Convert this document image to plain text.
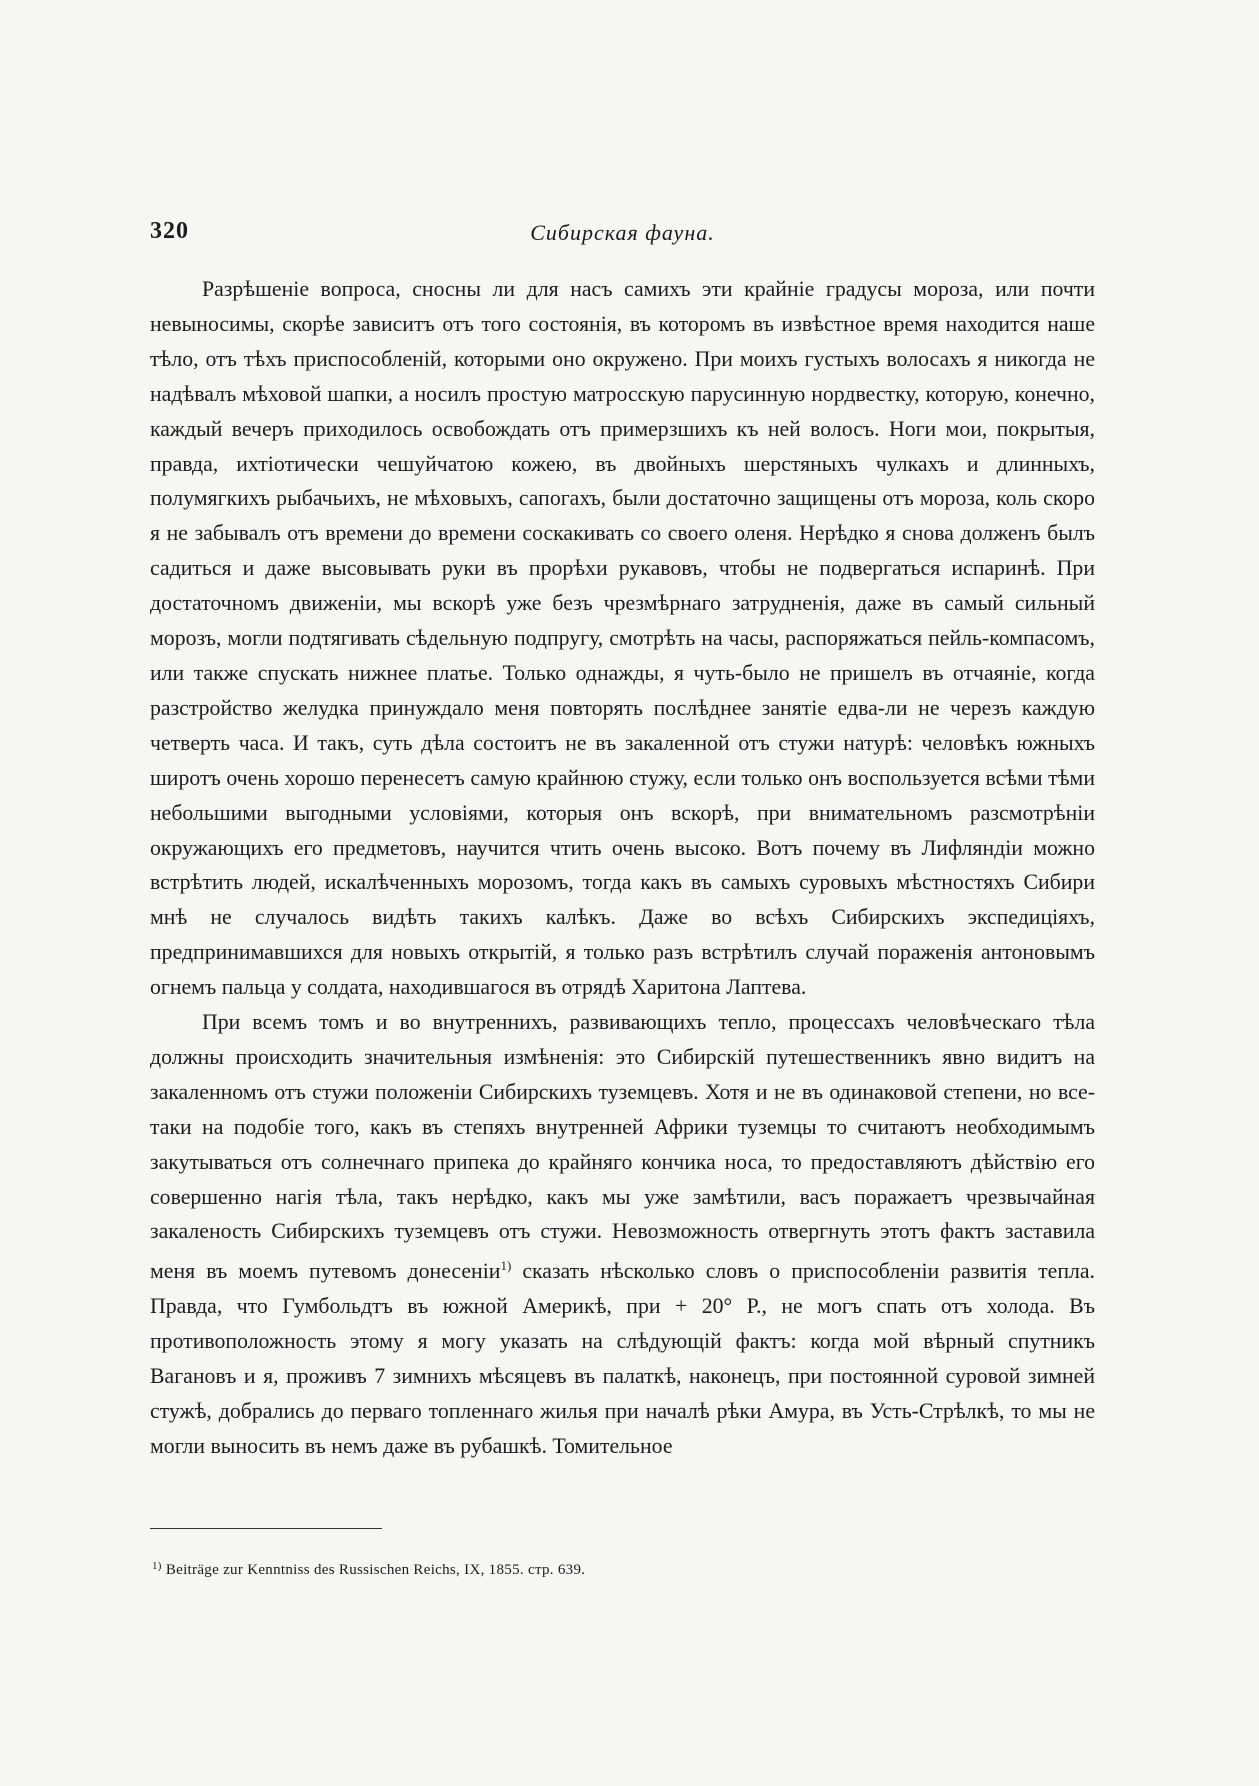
320	Сибирская фауна.

Разрѣшеніе вопроса, сносны ли для насъ самихъ эти крайніе градусы мороза, или почти невыносимы, скорѣе зависитъ отъ того состоянія, въ которомъ въ извѣстное время находится наше тѣло, отъ тѣхъ приспособленій, которыми оно окружено. При моихъ густыхъ волосахъ я никогда не надѣвалъ мѣховой шапки, а носилъ простую матросскую парусинную нордвестку, которую, конечно, каждый вечеръ приходилось освобождать отъ примерзшихъ къ ней волосъ. Ноги мои, покрытыя, правда, ихтіотически чешуйчатою кожею, въ двойныхъ шерстяныхъ чулкахъ и длинныхъ, полумягкихъ рыбачьихъ, не мѣховыхъ, сапогахъ, были достаточно защищены отъ мороза, коль скоро я не забывалъ отъ времени до времени соскакивать со своего оленя. Нерѣдко я снова долженъ былъ садиться и даже высовывать руки въ прорѣхи рукавовъ, чтобы не подвергаться испаринѣ. При достаточномъ движеніи, мы вскорѣ уже безъ чрезмѣрнаго затрудненія, даже въ самый сильный морозъ, могли подтягивать сѣдельную подпругу, смотрѣть на часы, распоряжаться пейль-компасомъ, или также спускать нижнее платье. Только однажды, я чуть-было не пришелъ въ отчаяніе, когда разстройство желудка принуждало меня повторять послѣднее занятіе едва-ли не черезъ каждую четверть часа. И такъ, суть дѣла состоитъ не въ закаленной отъ стужи натурѣ: человѣкъ южныхъ широтъ очень хорошо перенесетъ самую крайнюю стужу, если только онъ воспользуется всѣми тѣми небольшими выгодными условіями, которыя онъ вскорѣ, при внимательномъ разсмотрѣніи окружающихъ его предметовъ, научится чтить очень высоко. Вотъ почему въ Лифляндіи можно встрѣтить людей, искалѣченныхъ морозомъ, тогда какъ въ самыхъ суровыхъ мѣстностяхъ Сибири мнѣ не случалось видѣть такихъ калѣкъ. Даже во всѣхъ Сибирскихъ экспедиціяхъ, предпринимавшихся для новыхъ открытій, я только разъ встрѣтилъ случай пораженія антоновымъ огнемъ пальца у солдата, находившагося въ отрядѣ Харитона Лаптева.

При всемъ томъ и во внутреннихъ, развивающихъ тепло, процессахъ человѣческаго тѣла должны происходить значительныя измѣненія: это Сибирскій путешественникъ явно видитъ на закаленномъ отъ стужи положеніи Сибирскихъ туземцевъ. Хотя и не въ одинаковой степени, но все-таки на подобіе того, какъ въ степяхъ внутренней Африки туземцы то считаютъ необходимымъ закутываться отъ солнечнаго припека до крайняго кончика носа, то предоставляютъ дѣйствію его совершенно нагія тѣла, такъ нерѣдко, какъ мы уже замѣтили, васъ поражаетъ чрезвычайная закаленость Сибирскихъ туземцевъ отъ стужи. Невозможность отвергнуть этотъ фактъ заставила меня въ моемъ путевомъ донесеніи$^{1)}$ сказать нѣсколько словъ о приспособленіи развитія тепла. Правда, что Гумбольдтъ въ южной Америкѣ, при + 20° Р., не могъ спать отъ холода. Въ противоположность этому я могу указать на слѣдующій фактъ: когда мой вѣрный спутникъ Вагановъ и я, проживъ 7 зимнихъ мѣсяцевъ въ палаткѣ, наконецъ, при постоянной суровой зимней стужѣ, добрались до перваго топленнаго жилья при началѣ рѣки Амура, въ Усть-Стрѣлкѣ, то мы не могли выносить въ немъ даже въ рубашкѣ. Томительное

$^{1)}$ Beiträge zur Kenntniss des Russischen Reichs, IX, 1855. стр. 639.
